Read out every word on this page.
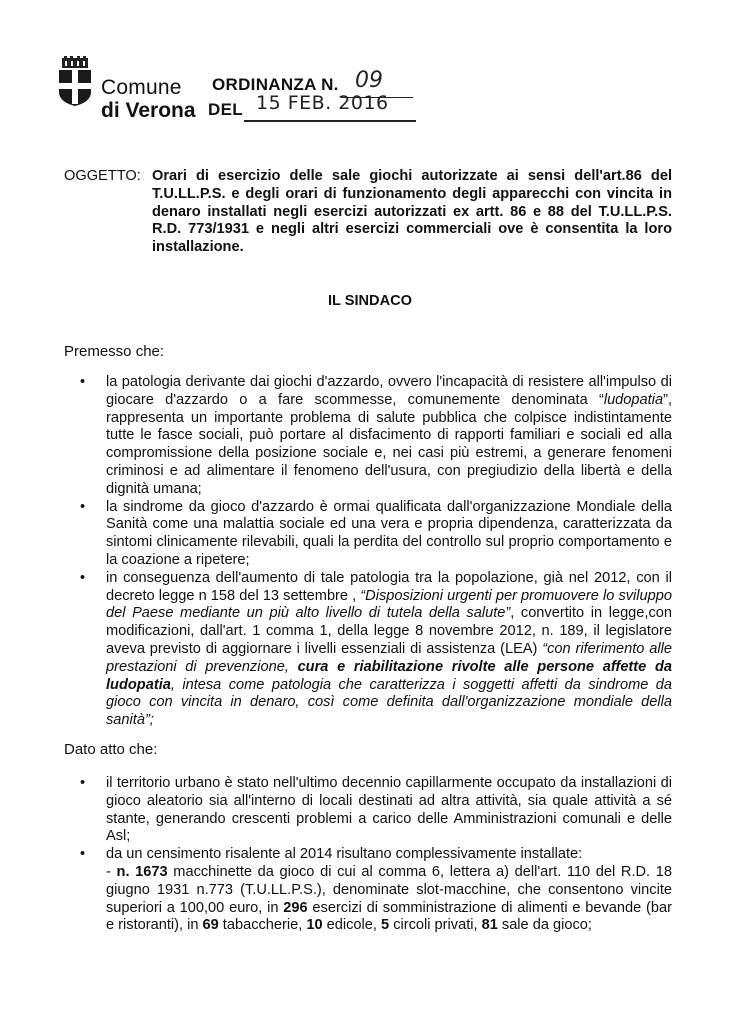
Comune
di Verona
ORDINANZA N. 09
DEL 15 FEB. 2016
OGGETTO: Orari di esercizio delle sale giochi autorizzate ai sensi dell'art.86 del T.U.LL.P.S. e degli orari di funzionamento degli apparecchi con vincita in denaro installati negli esercizi autorizzati ex artt. 86 e 88 del T.U.LL.P.S. R.D. 773/1931 e negli altri esercizi commerciali ove è consentita la loro installazione.
IL SINDACO
Premesso che:
• la patologia derivante dai giochi d'azzardo, ovvero l'incapacità di resistere all'impulso di giocare d'azzardo o a fare scommesse, comunemente denominata “ludopatia”, rappresenta un importante problema di salute pubblica che colpisce indistintamente tutte le fasce sociali, può portare al disfacimento di rapporti familiari e sociali ed alla compromissione della posizione sociale e, nei casi più estremi, a generare fenomeni criminosi e ad alimentare il fenomeno dell'usura, con pregiudizio della libertà e della dignità umana;
• la sindrome da gioco d'azzardo è ormai qualificata dall'organizzazione Mondiale della Sanità come una malattia sociale ed una vera e propria dipendenza, caratterizzata da sintomi clinicamente rilevabili, quali la perdita del controllo sul proprio comportamento e la coazione a ripetere;
• in conseguenza dell'aumento di tale patologia tra la popolazione, già nel 2012, con il decreto legge n 158 del 13 settembre , “Disposizioni urgenti per promuovere lo sviluppo del Paese mediante un più alto livello di tutela della salute”, convertito in legge,con modificazioni, dall'art. 1 comma 1, della legge 8 novembre 2012, n. 189, il legislatore aveva previsto di aggiornare i livelli essenziali di assistenza (LEA) “con riferimento alle prestazioni di prevenzione, cura e riabilitazione rivolte alle persone affette da ludopatia, intesa come patologia che caratterizza i soggetti affetti da sindrome da gioco con vincita in denaro, così come definita dall'organizzazione mondiale della sanità”;
Dato atto che:
• il territorio urbano è stato nell'ultimo decennio capillarmente occupato da installazioni di gioco aleatorio sia all'interno di locali destinati ad altra attività, sia quale attività a sé stante, generando crescenti problemi a carico delle Amministrazioni comunali e delle Asl;
• da un censimento risalente al 2014 risultano complessivamente installate:
- n. 1673 macchinette da gioco di cui al comma 6, lettera a) dell'art. 110 del R.D. 18 giugno 1931 n.773 (T.U.LL.P.S.), denominate slot-macchine, che consentono vincite superiori a 100,00 euro, in 296 esercizi di somministrazione di alimenti e bevande (bar e ristoranti), in 69 tabaccherie, 10 edicole, 5 circoli privati, 81 sale da gioco;
